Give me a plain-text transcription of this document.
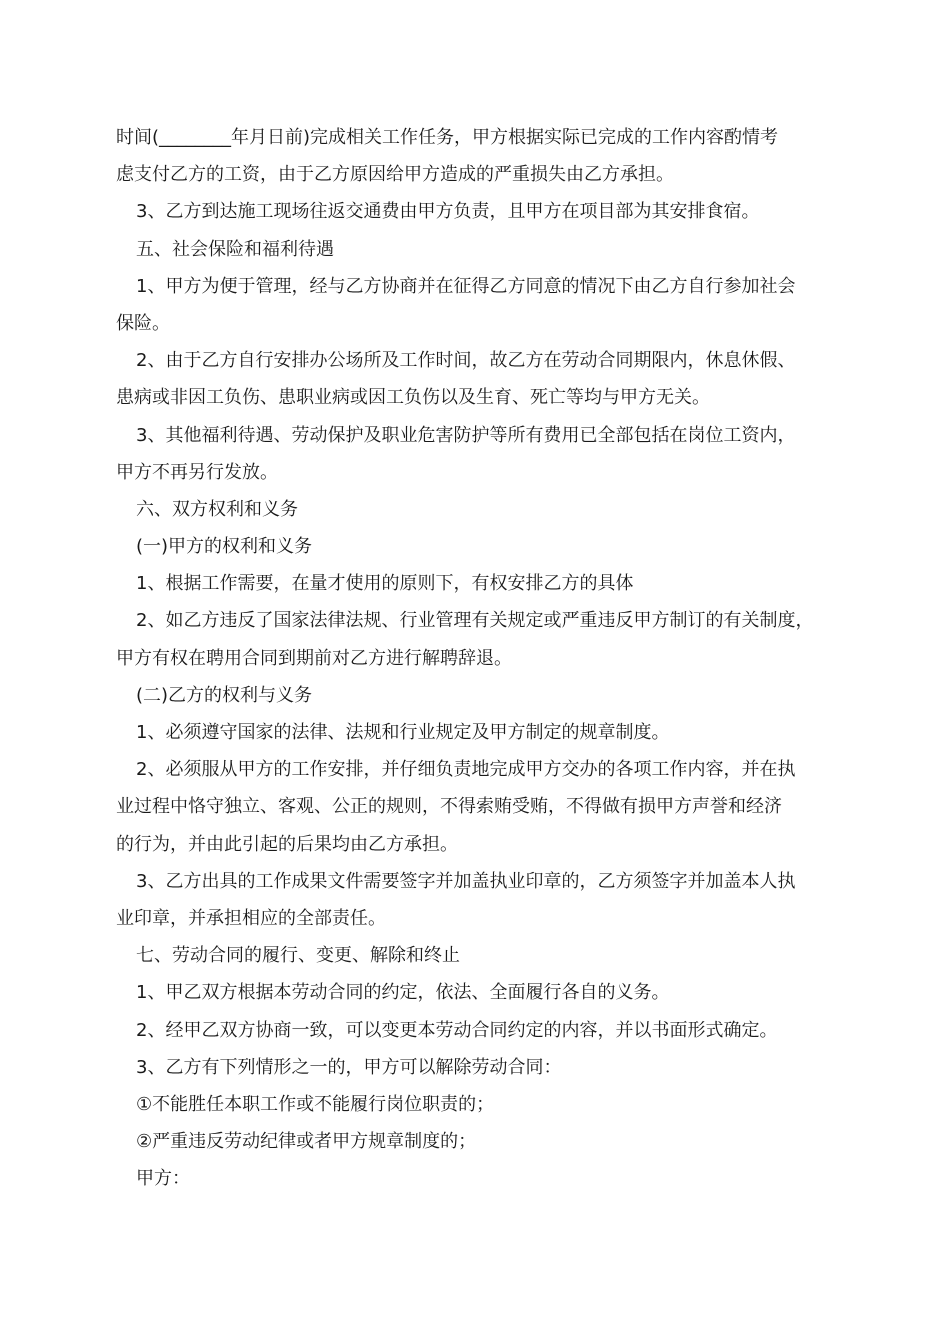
时间(________年月日前)完成相关工作任务，甲方根据实际已完成的工作内容酌情考
虑支付乙方的工资，由于乙方原因给甲方造成的严重损失由乙方承担。
3、乙方到达施工现场往返交通费由甲方负责，且甲方在项目部为其安排食宿。
五、社会保险和福利待遇
1、甲方为便于管理，经与乙方协商并在征得乙方同意的情况下由乙方自行参加社会
保险。
2、由于乙方自行安排办公场所及工作时间，故乙方在劳动合同期限内，休息休假、
患病或非因工负伤、患职业病或因工负伤以及生育、死亡等均与甲方无关。
3、其他福利待遇、劳动保护及职业危害防护等所有费用已全部包括在岗位工资内，
甲方不再另行发放。
六、双方权利和义务
(一)甲方的权利和义务
1、根据工作需要，在量才使用的原则下，有权安排乙方的具体
2、如乙方违反了国家法律法规、行业管理有关规定或严重违反甲方制订的有关制度，
甲方有权在聘用合同到期前对乙方进行解聘辞退。
(二)乙方的权利与义务
1、必须遵守国家的法律、法规和行业规定及甲方制定的规章制度。
2、必须服从甲方的工作安排，并仔细负责地完成甲方交办的各项工作内容，并在执
业过程中恪守独立、客观、公正的规则，不得索贿受贿，不得做有损甲方声誉和经济
的行为，并由此引起的后果均由乙方承担。
3、乙方出具的工作成果文件需要签字并加盖执业印章的，乙方须签字并加盖本人执
业印章，并承担相应的全部责任。
七、劳动合同的履行、变更、解除和终止
1、甲乙双方根据本劳动合同的约定，依法、全面履行各自的义务。
2、经甲乙双方协商一致，可以变更本劳动合同约定的内容，并以书面形式确定。
3、乙方有下列情形之一的，甲方可以解除劳动合同：
①不能胜任本职工作或不能履行岗位职责的；
②严重违反劳动纪律或者甲方规章制度的；
甲方：
